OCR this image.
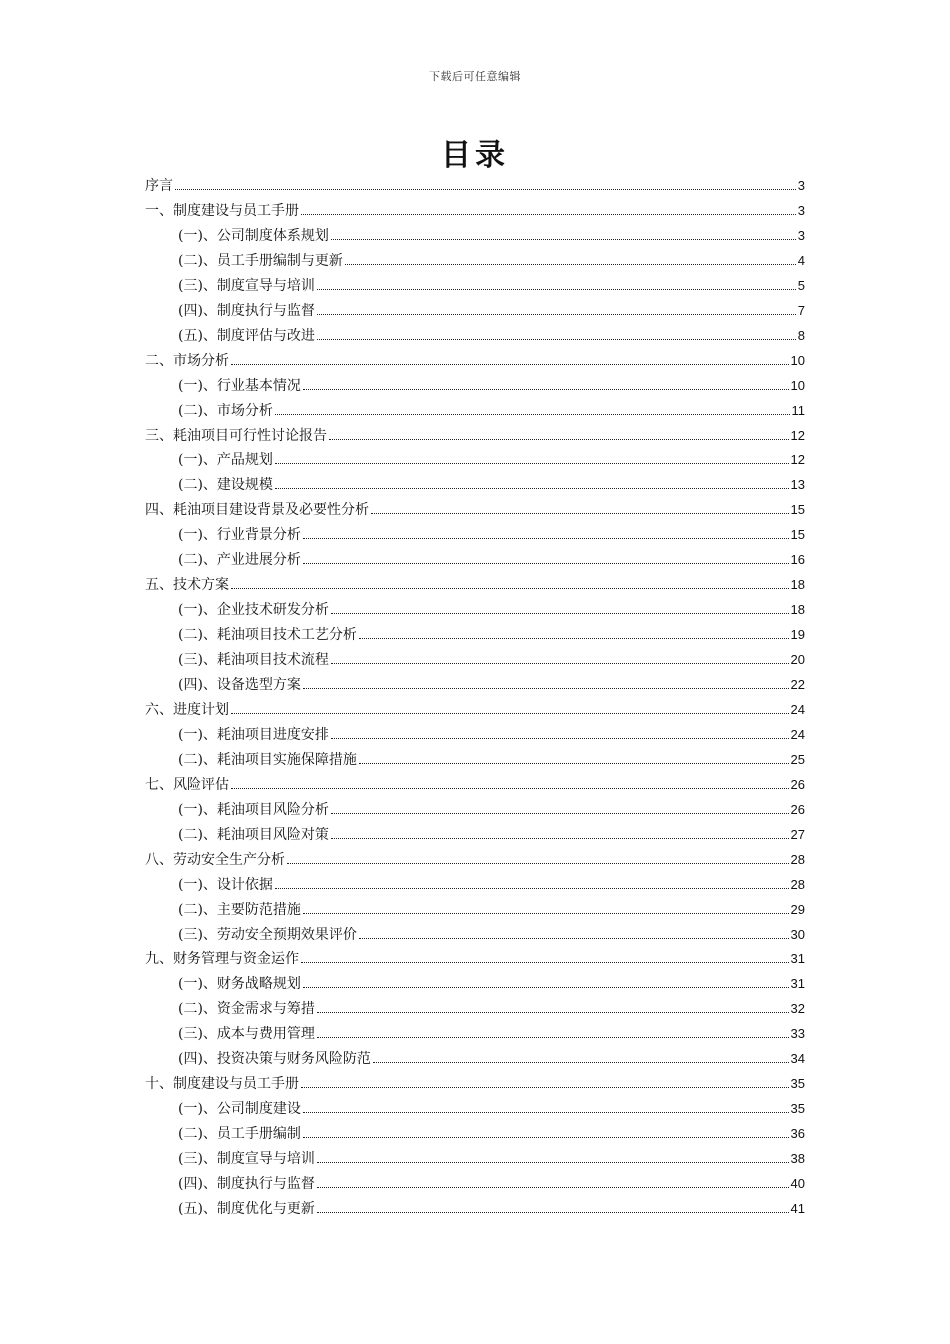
下载后可任意编辑
目录
序言	3
一、制度建设与员工手册	3
(一)、公司制度体系规划	3
(二)、员工手册编制与更新	4
(三)、制度宣导与培训	5
(四)、制度执行与监督	7
(五)、制度评估与改进	8
二、市场分析	10
(一)、行业基本情况	10
(二)、市场分析	11
三、耗油项目可行性讨论报告	12
(一)、产品规划	12
(二)、建设规模	13
四、耗油项目建设背景及必要性分析	15
(一)、行业背景分析	15
(二)、产业进展分析	16
五、技术方案	18
(一)、企业技术研发分析	18
(二)、耗油项目技术工艺分析	19
(三)、耗油项目技术流程	20
(四)、设备选型方案	22
六、进度计划	24
(一)、耗油项目进度安排	24
(二)、耗油项目实施保障措施	25
七、风险评估	26
(一)、耗油项目风险分析	26
(二)、耗油项目风险对策	27
八、劳动安全生产分析	28
(一)、设计依据	28
(二)、主要防范措施	29
(三)、劳动安全预期效果评价	30
九、财务管理与资金运作	31
(一)、财务战略规划	31
(二)、资金需求与筹措	32
(三)、成本与费用管理	33
(四)、投资决策与财务风险防范	34
十、制度建设与员工手册	35
(一)、公司制度建设	35
(二)、员工手册编制	36
(三)、制度宣导与培训	38
(四)、制度执行与监督	40
(五)、制度优化与更新	41
